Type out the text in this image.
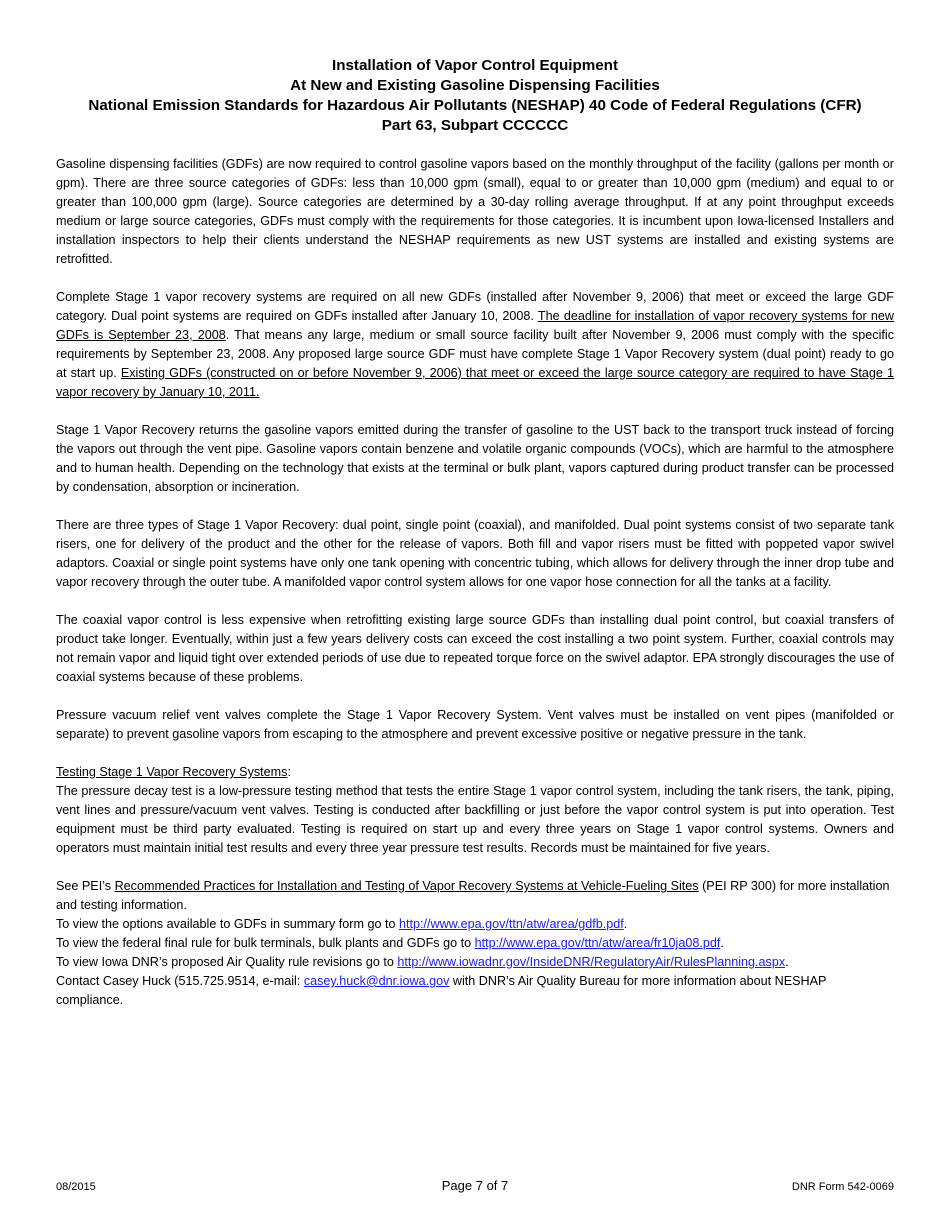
Installation of Vapor Control Equipment
At New and Existing Gasoline Dispensing Facilities
National Emission Standards for Hazardous Air Pollutants (NESHAP) 40 Code of Federal Regulations (CFR)
Part 63, Subpart CCCCCC

Gasoline dispensing facilities (GDFs) are now required to control gasoline vapors based on the monthly throughput of the facility (gallons per month or gpm). There are three source categories of GDFs: less than 10,000 gpm (small), equal to or greater than 10,000 gpm (medium) and equal to or greater than 100,000 gpm (large). Source categories are determined by a 30-day rolling average throughput. If at any point throughput exceeds medium or large source categories, GDFs must comply with the requirements for those categories. It is incumbent upon Iowa-licensed Installers and installation inspectors to help their clients understand the NESHAP requirements as new UST systems are installed and existing systems are retrofitted.

Complete Stage 1 vapor recovery systems are required on all new GDFs (installed after November 9, 2006) that meet or exceed the large GDF category. Dual point systems are required on GDFs installed after January 10, 2008. The deadline for installation of vapor recovery systems for new GDFs is September 23, 2008. That means any large, medium or small source facility built after November 9, 2006 must comply with the specific requirements by September 23, 2008. Any proposed large source GDF must have complete Stage 1 Vapor Recovery system (dual point) ready to go at start up. Existing GDFs (constructed on or before November 9, 2006) that meet or exceed the large source category are required to have Stage 1 vapor recovery by January 10, 2011.

Stage 1 Vapor Recovery returns the gasoline vapors emitted during the transfer of gasoline to the UST back to the transport truck instead of forcing the vapors out through the vent pipe. Gasoline vapors contain benzene and volatile organic compounds (VOCs), which are harmful to the atmosphere and to human health. Depending on the technology that exists at the terminal or bulk plant, vapors captured during product transfer can be processed by condensation, absorption or incineration.

There are three types of Stage 1 Vapor Recovery: dual point, single point (coaxial), and manifolded. Dual point systems consist of two separate tank risers, one for delivery of the product and the other for the release of vapors. Both fill and vapor risers must be fitted with poppeted vapor swivel adaptors. Coaxial or single point systems have only one tank opening with concentric tubing, which allows for delivery through the inner drop tube and vapor recovery through the outer tube. A manifolded vapor control system allows for one vapor hose connection for all the tanks at a facility.

The coaxial vapor control is less expensive when retrofitting existing large source GDFs than installing dual point control, but coaxial transfers of product take longer. Eventually, within just a few years delivery costs can exceed the cost installing a two point system. Further, coaxial controls may not remain vapor and liquid tight over extended periods of use due to repeated torque force on the swivel adaptor. EPA strongly discourages the use of coaxial systems because of these problems.

Pressure vacuum relief vent valves complete the Stage 1 Vapor Recovery System. Vent valves must be installed on vent pipes (manifolded or separate) to prevent gasoline vapors from escaping to the atmosphere and prevent excessive positive or negative pressure in the tank.

Testing Stage 1 Vapor Recovery Systems:
The pressure decay test is a low-pressure testing method that tests the entire Stage 1 vapor control system, including the tank risers, the tank, piping, vent lines and pressure/vacuum vent valves. Testing is conducted after backfilling or just before the vapor control system is put into operation. Test equipment must be third party evaluated. Testing is required on start up and every three years on Stage 1 vapor control systems. Owners and operators must maintain initial test results and every three year pressure test results. Records must be maintained for five years.
See PEI’s Recommended Practices for Installation and Testing of Vapor Recovery Systems at Vehicle-Fueling Sites (PEI RP 300) for more installation and testing information.
To view the options available to GDFs in summary form go to http://www.epa.gov/ttn/atw/area/gdfb.pdf.
To view the federal final rule for bulk terminals, bulk plants and GDFs go to http://www.epa.gov/ttn/atw/area/fr10ja08.pdf.
To view Iowa DNR’s proposed Air Quality rule revisions go to http://www.iowadnr.gov/InsideDNR/RegulatoryAir/RulesPlanning.aspx.
Contact Casey Huck (515.725.9514, e-mail: casey.huck@dnr.iowa.gov with DNR’s Air Quality Bureau for more information about NESHAP compliance.
08/2015	Page 7 of 7	DNR Form 542-0069
